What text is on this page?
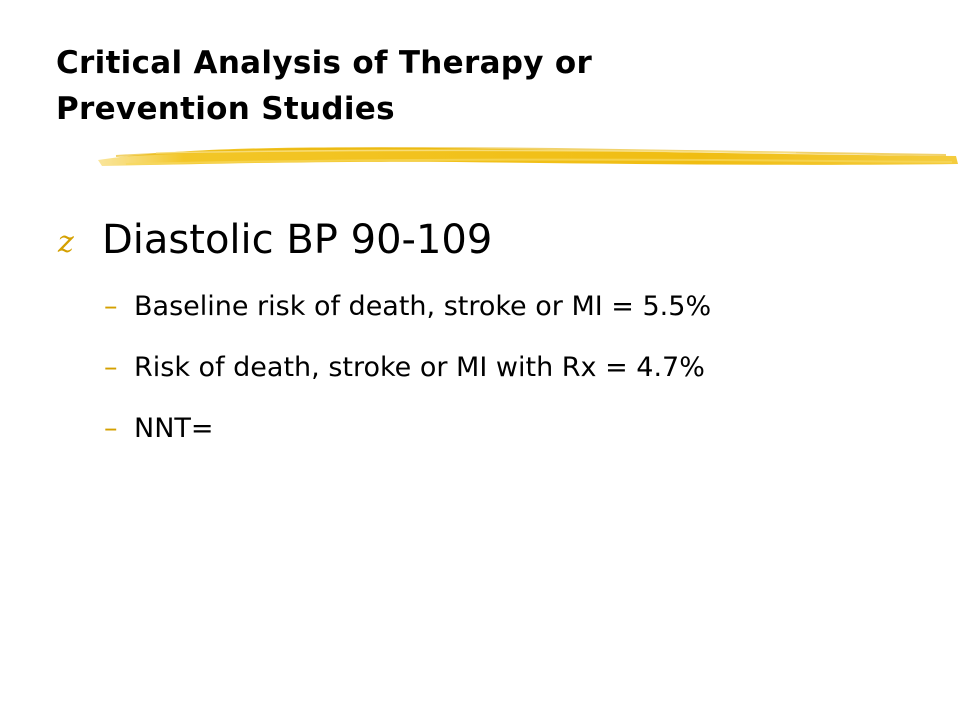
Critical Analysis of Therapy or
Prevention Studies
z Diastolic BP 90-109
– Baseline risk of death, stroke or MI = 5.5%
– Risk of death, stroke or MI with Rx = 4.7%
– NNT=
